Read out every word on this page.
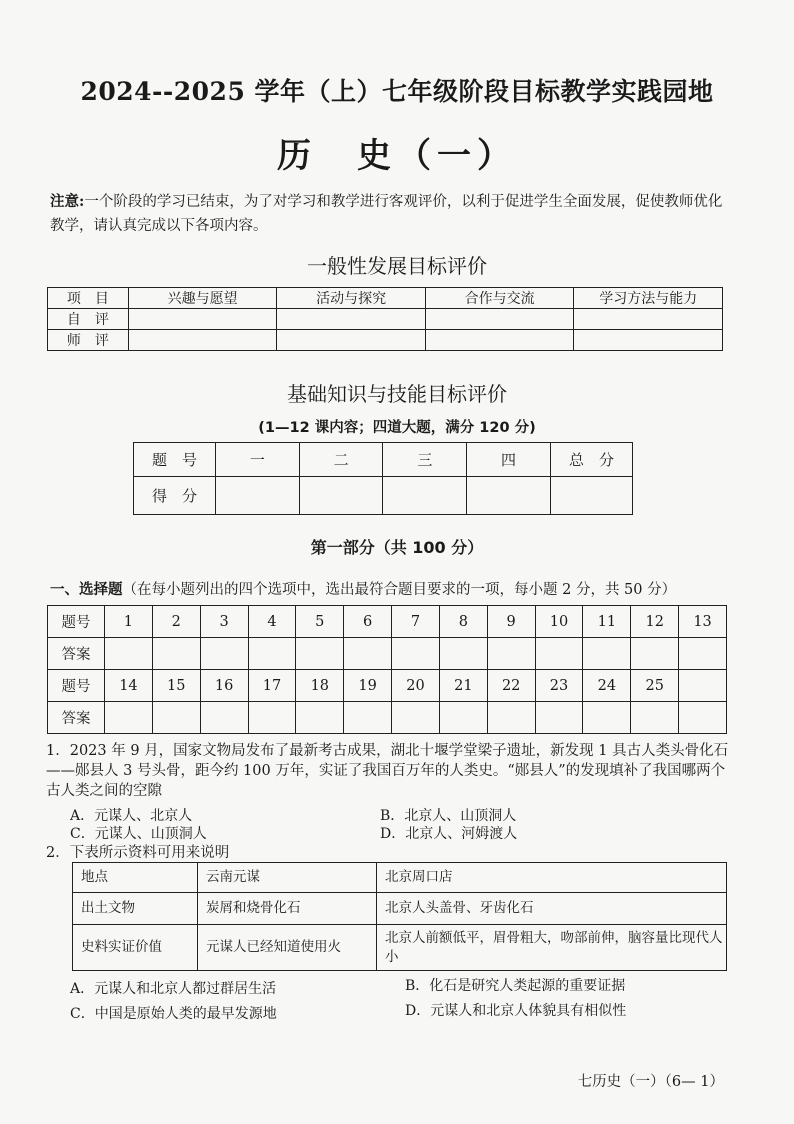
2024--2025 学年（上）七年级阶段目标教学实践园地
历　史（一）
注意:一个阶段的学习已结束，为了对学习和教学进行客观评价，以利于促进学生全面发展，促使教师优化教学，请认真完成以下各项内容。
一般性发展目标评价
项　目	兴趣与愿望	活动与探究	合作与交流	学习方法与能力
自　评				
师　评				
基础知识与技能目标评价
(1—12 课内容；四道大题，满分 120 分)
题　号	一	二	三	四	总　分
得　分					
第一部分（共 100 分）
一、选择题（在每小题列出的四个选项中，选出最符合题目要求的一项，每小题 2 分，共 50 分）
题号	1	2	3	4	5	6	7	8	9	10	11	12	13
答案													
题号	14	15	16	17	18	19	20	21	22	23	24	25	
答案													
1．2023 年 9 月，国家文物局发布了最新考古成果，湖北十堰学堂梁子遗址，新发现 1 具古人类头骨化石——郧县人 3 号头骨，距今约 100 万年，实证了我国百万年的人类史。“郧县人”的发现填补了我国哪两个古人类之间的空隙
A．元谋人、北京人	B．北京人、山顶洞人
C．元谋人、山顶洞人	D．北京人、河姆渡人
2．下表所示资料可用来说明
地点	云南元谋	北京周口店
出土文物	炭屑和烧骨化石	北京人头盖骨、牙齿化石
史料实证价值	元谋人已经知道使用火	北京人前额低平，眉骨粗大，吻部前伸，脑容量比现代人小
A．元谋人和北京人都过群居生活	B．化石是研究人类起源的重要证据
C．中国是原始人类的最早发源地	D．元谋人和北京人体貌具有相似性
七历史（一）（6— 1）
